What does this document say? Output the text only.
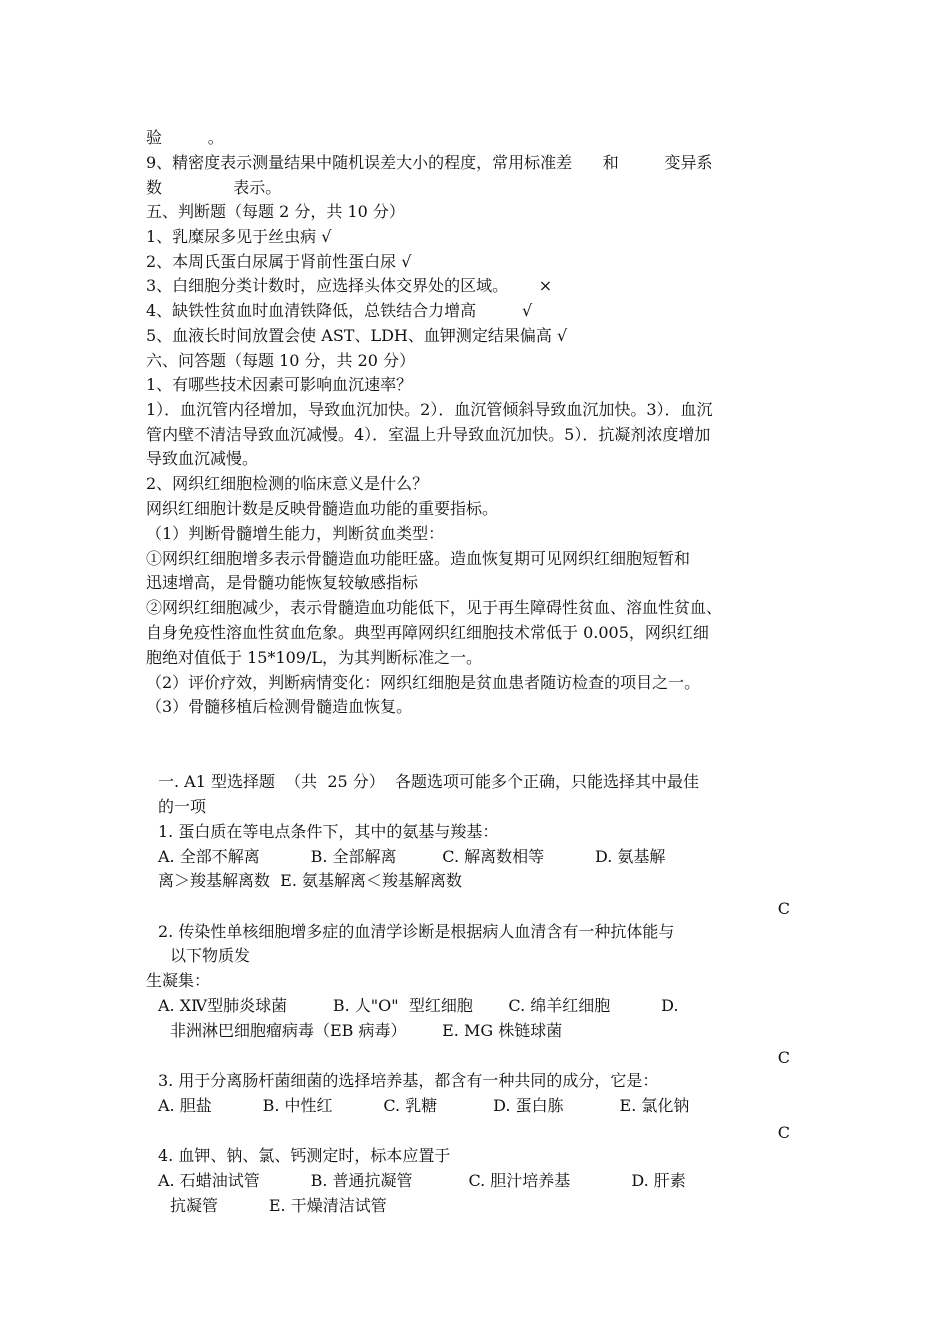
验         。
9、精密度表示测量结果中随机误差大小的程度，常用标准差      和         变异系
数              表示。
五、判断题（每题 2 分，共 10 分）
1、乳糜尿多见于丝虫病 √
2、本周氏蛋白尿属于肾前性蛋白尿 √
3、白细胞分类计数时，应选择头体交界处的区域。      ×
4、缺铁性贫血时血清铁降低，总铁结合力增高         √
5、血液长时间放置会使 AST、LDH、血钾测定结果偏高 √
六、问答题（每题 10 分，共 20 分）
1、有哪些技术因素可影响血沉速率？
1）．血沉管内径增加，导致血沉加快。2）．血沉管倾斜导致血沉加快。3）．血沉
管内壁不清洁导致血沉减慢。4）．室温上升导致血沉加快。5）．抗凝剂浓度增加
导致血沉减慢。
2、网织红细胞检测的临床意义是什么？
网织红细胞计数是反映骨髓造血功能的重要指标。
（1）判断骨髓增生能力，判断贫血类型：
①网织红细胞增多表示骨髓造血功能旺盛。造血恢复期可见网织红细胞短暂和
迅速增高，是骨髓功能恢复较敏感指标
②网织红细胞减少，表示骨髓造血功能低下，见于再生障碍性贫血、溶血性贫血、
自身免疫性溶血性贫血危象。典型再障网织红细胞技术常低于 0.005，网织红细
胞绝对值低于 15*109/L，为其判断标准之一。
（2）评价疗效，判断病情变化：网织红细胞是贫血患者随访检查的项目之一。
（3）骨髓移植后检测骨髓造血恢复。
一. A1 型选择题  （共  25 分）  各题选项可能多个正确，只能选择其中最佳
的一项
1. 蛋白质在等电点条件下，其中的氨基与羧基：
A. 全部不解离          B. 全部解离         C. 解离数相等          D. 氨基解
离＞羧基解离数  E. 氨基解离＜羧基解离数
C
2. 传染性单核细胞增多症的血清学诊断是根据病人血清含有一种抗体能与
以下物质发
生凝集：
A. XⅣ型肺炎球菌         B. 人"O"  型红细胞       C. 绵羊红细胞          D.
非洲淋巴细胞瘤病毒（EB 病毒）       E. MG 株链球菌
C
3. 用于分离肠杆菌细菌的选择培养基，都含有一种共同的成分，它是：
A. 胆盐          B. 中性红          C. 乳糖           D. 蛋白胨           E. 氯化钠
C
4. 血钾、钠、氯、钙测定时，标本应置于
A. 石蜡油试管          B. 普通抗凝管           C. 胆汁培养基            D. 肝素
抗凝管          E. 干燥清洁试管
